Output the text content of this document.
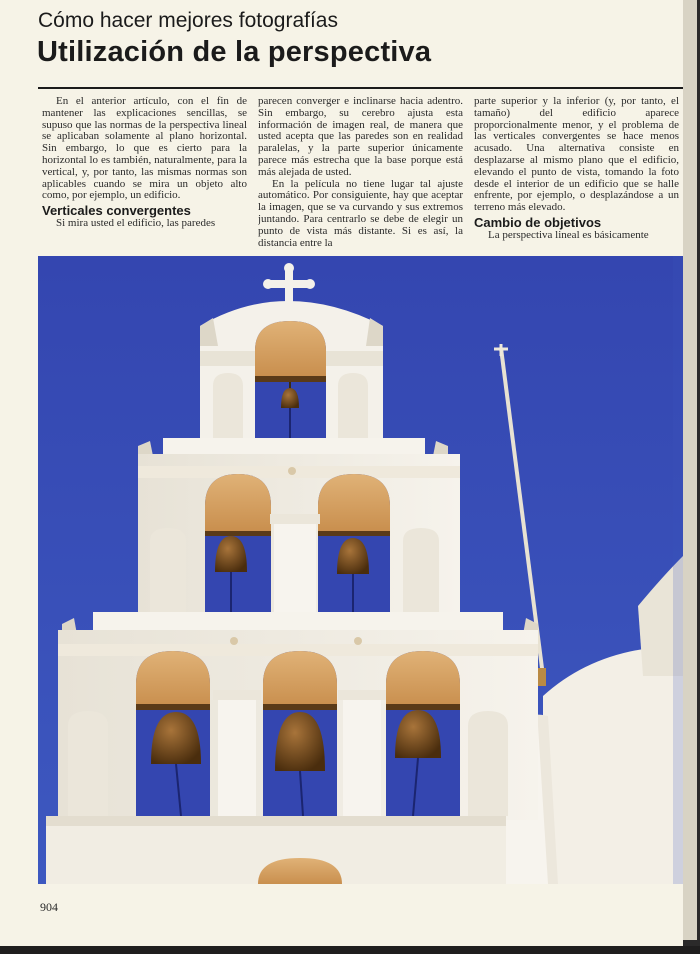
Cómo hacer mejores fotografías
Utilización de la perspectiva

En el anterior artículo, con el fin de mantener las explicaciones sencillas, se supuso que las normas de la perspectiva lineal se aplicaban solamente al plano horizontal. Sin embargo, lo que es cierto para la horizontal lo es también, naturalmente, para la vertical, y, por tanto, las mismas normas son aplicables cuando se mira un objeto alto como, por ejemplo, un edificio.

Verticales convergentes

Si mira usted el edificio, las paredes

parecen converger e inclinarse hacia adentro. Sin embargo, su cerebro ajusta esta información de imagen real, de manera que usted acepta que las paredes son en realidad paralelas, y la parte superior únicamente parece más estrecha que la base porque está más alejada de usted.

En la película no tiene lugar tal ajuste automático. Por consiguiente, hay que aceptar la imagen, que se va curvando y sus extremos juntando. Para centrarlo se debe de elegir un punto de vista más distante. Si es así, la distancia entre la

parte superior y la inferior (y, por tanto, el tamaño) del edificio aparece proporcionalmente menor, y el problema de las verticales convergentes se hace menos acusado. Una alternativa consiste en desplazarse al mismo plano que el edificio, elevando el punto de vista, tomando la foto desde el interior de un edificio que se halle enfrente, por ejemplo, o desplazándose a un terreno más elevado.

Cambio de objetivos

La perspectiva lineal es básicamente

904
